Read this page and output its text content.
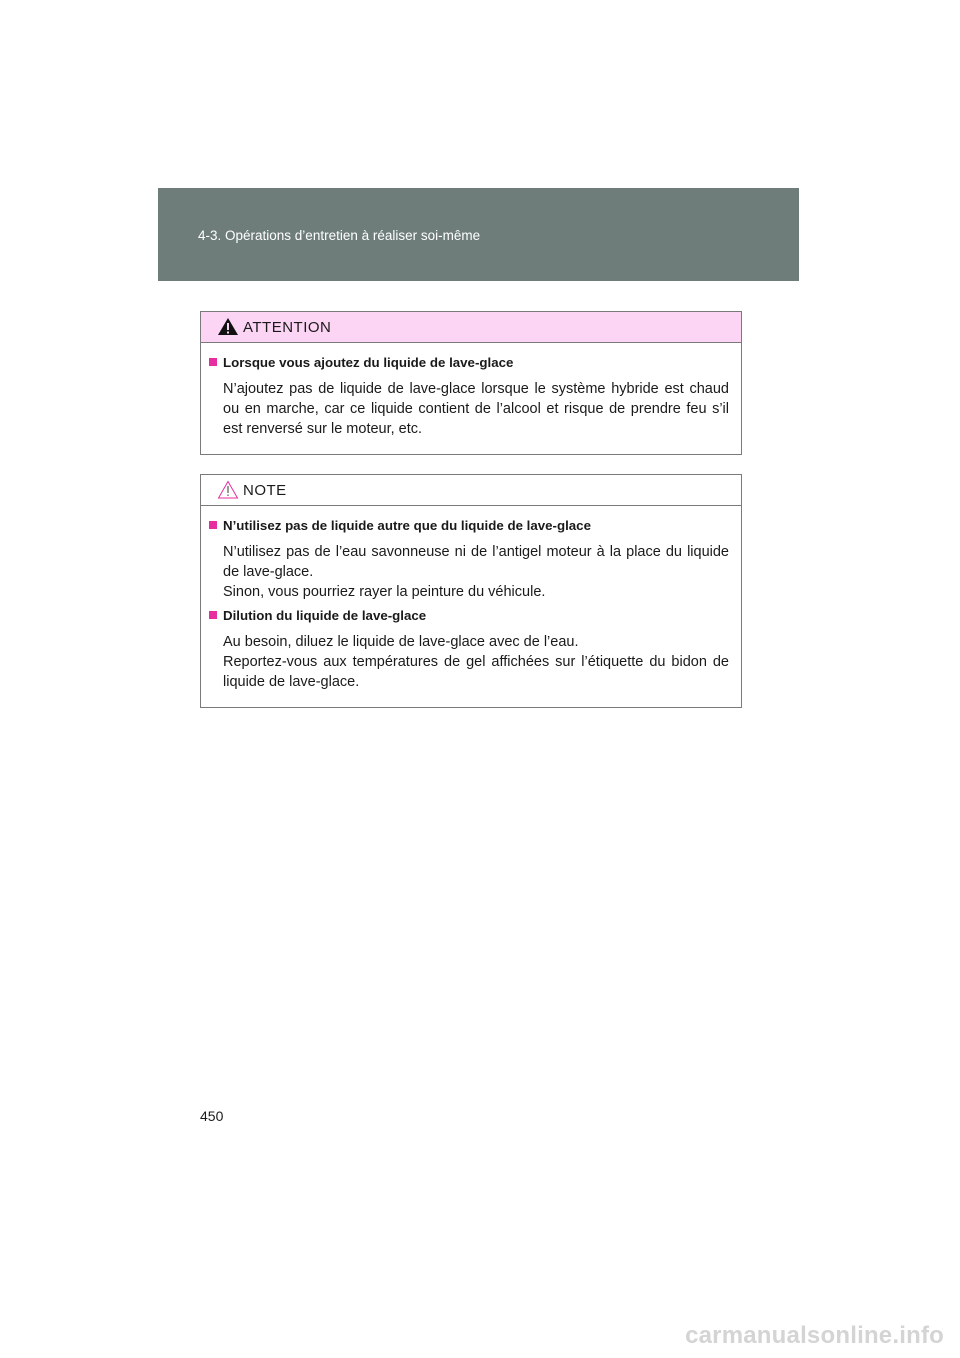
4-3. Opérations d’entretien à réaliser soi-même
ATTENTION
Lorsque vous ajoutez du liquide de lave-glace

N’ajoutez pas de liquide de lave-glace lorsque le système hybride est chaud ou en marche, car ce liquide contient de l’alcool et risque de prendre feu s’il est renversé sur le moteur, etc.

NOTE
N’utilisez pas de liquide autre que du liquide de lave-glace

N’utilisez pas de l’eau savonneuse ni de l’antigel moteur à la place du liquide de lave-glace.

Sinon, vous pourriez rayer la peinture du véhicule.

Dilution du liquide de lave-glace

Au besoin, diluez le liquide de lave-glace avec de l’eau.

Reportez-vous aux températures de gel affichées sur l’étiquette du bidon de liquide de lave-glace.

450
carmanualsonline.info
